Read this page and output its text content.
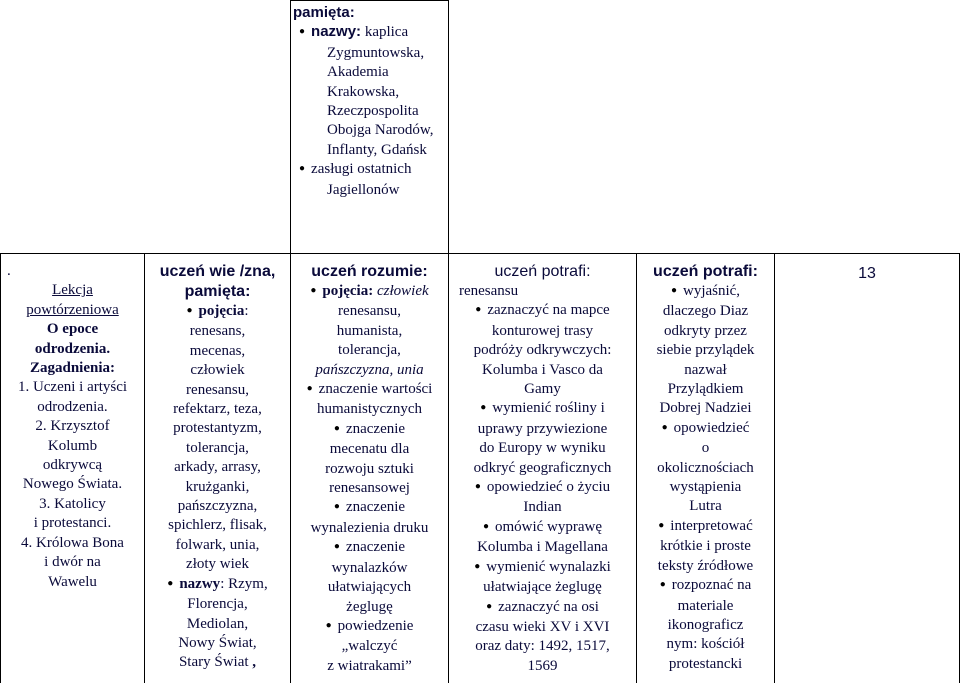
pamięta:
● nazwy: kaplica
Zygmuntowska,
Akademia
Krakowska,
Rzeczpospolita
Obojga Narodów,
Inflanty, Gdańsk
● zasługi ostatnich
Jagiellonów
.
Lekcja
powtórzeniowa
O epoce
odrodzenia.
Zagadnienia:
1. Uczeni i artyści
odrodzenia.
2. Krzysztof
Kolumb
odkrywcą
Nowego Świata.
3. Katolicy
i protestanci.
4. Królowa Bona
i dwór na
Wawelu
uczeń wie /zna,
pamięta:
● pojęcia:
renesans,
mecenas,
człowiek
renesansu,
refektarz, teza,
protestantyzm,
tolerancja,
arkady, arrasy,
krużganki,
pańszczyzna,
spichlerz, flisak,
folwark, unia,
złoty wiek
● nazwy: Rzym,
Florencja,
Mediolan,
Nowy Świat,
Stary Świat ,
uczeń rozumie:
● pojęcia: człowiek
renesansu,
humanista,
tolerancja,
pańszczyzna, unia
● znaczenie wartości
humanistycznych
● znaczenie
mecenatu dla
rozwoju sztuki
renesansowej
● znaczenie
wynalezienia druku
● znaczenie
wynalazków
ułatwiających
żeglugę
● powiedzenie
„walczyć
z wiatrakami”
uczeń potrafi:
renesansu
● zaznaczyć na mapce
konturowej trasy
podróży odkrywczych:
Kolumba i Vasco da
Gamy
● wymienić rośliny i
uprawy przywiezione
do Europy w wyniku
odkryć geograficznych
● opowiedzieć o życiu
Indian
● omówić wyprawę
Kolumba i Magellana
● wymienić wynalazki
ułatwiające żeglugę
● zaznaczyć na osi
czasu wieki XV i XVI
oraz daty: 1492, 1517,
1569
uczeń potrafi:
● wyjaśnić,
dlaczego Diaz
odkryty przez
siebie przylądek
nazwał
Przylądkiem
Dobrej Nadziei
● opowiedzieć
o
okolicznościach
wystąpienia
Lutra
● interpretować
krótkie i proste
teksty źródłowe
● rozpoznać na
materiale
ikonograficz
nym: kościół
protestancki
13
